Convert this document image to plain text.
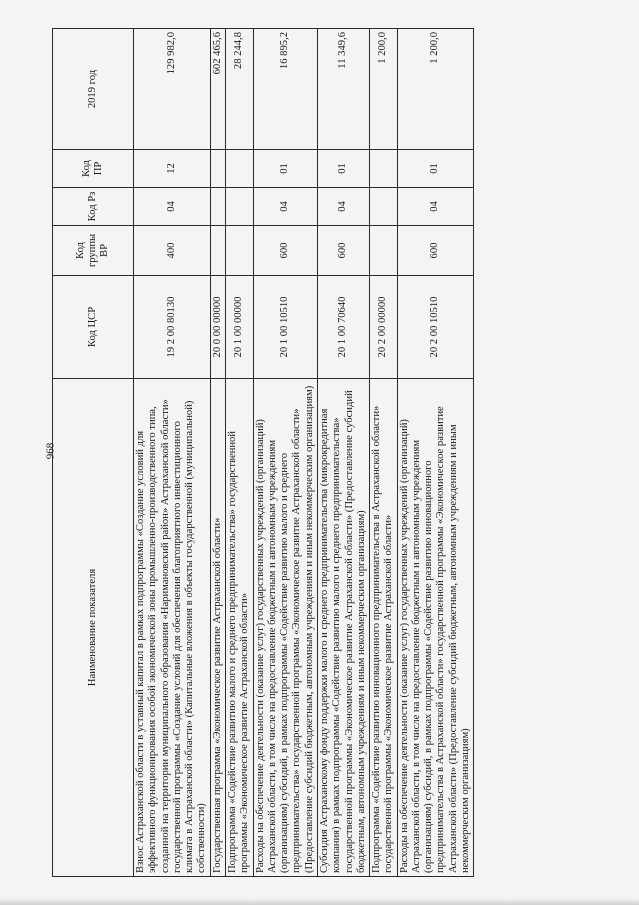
968
Наименование показателя	Код ЦСР	Код группы ВР	Код Рз	Код ПР	2019 год
Взнос Астраханской области в уставный капитал в рамках подпрограммы «Создание условий для эффективного функционирования особой экономической зоны промышленно-производственного типа, созданной на территории муниципального образования «Наримановский район» Астраханской области» государственной программы «Создание условий для обеспечения благоприятного инвестиционного климата в Астраханской области» (Капитальные вложения в объекты государственной (муниципальной) собственности)	19 2 00 80130	400	04	12	129 982,0
Государственная программа «Экономическое развитие Астраханской области»	20 0 00 00000				602 465,6
Подпрограмма «Содействие развитию малого и среднего предпринимательства» государственной программы «Экономическое развитие Астраханской области»	20 1 00 00000				28 244,8
Расходы на обеспечение деятельности (оказание услуг) государственных учреждений (организаций) Астраханской области, в том числе на предоставление бюджетным и автономным учреждениям (организациям) субсидий, в рамках подпрограммы «Содействие развитию малого и среднего предпринимательства» государственной программы «Экономическое развитие Астраханской области» (Предоставление субсидий бюджетным, автономным учреждениям и иным некоммерческим организациям)	20 1 00 10510	600	04	01	16 895,2
Субсидия Астраханскому фонду поддержки малого и среднего предпринимательства (микрокредитная компания) в рамках подпрограммы «Содействие развитию малого и среднего предпринимательства» государственной программы «Экономическое развитие Астраханской области» (Предоставление субсидий бюджетным, автономным учреждениям и иным некоммерческим организациям)	20 1 00 70640	600	04	01	11 349,6
Подпрограмма «Содействие развитию инновационного предпринимательства в Астраханской области» государственной программы «Экономическое развитие Астраханской области»	20 2 00 00000				1 200,0
Расходы на обеспечение деятельности (оказание услуг) государственных учреждений (организаций) Астраханской области, в том числе на предоставление бюджетным и автономным учреждениям (организациям) субсидий, в рамках подпрограммы «Содействие развитию инновационного предпринимательства в Астраханской области» государственной программы «Экономическое развитие Астраханской области» (Предоставление субсидий бюджетным, автономным учреждениям и иным некоммерческим организациям)	20 2 00 10510	600	04	01	1 200,0
